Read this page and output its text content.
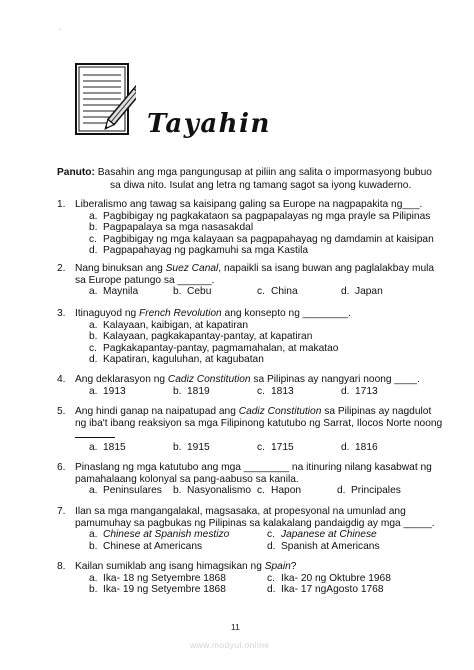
.
Tayahin
Panuto: Basahin ang mga pangungusap at piliin ang salita o impormasyong bubuo
sa diwa nito. Isulat ang letra ng tamang sagot sa iyong kuwaderno.
1. Liberalismo ang tawag sa kaisipang galing sa Europe na nagpapakita ng___.
a. Pagbibigay ng pagkakataon sa pagpapalayas ng mga prayle sa Pilipinas
b. Pagpapalaya sa mga nasasakdal
c. Pagbibigay ng mga kalayaan sa pagpapahayag ng damdamin at kaisipan
d. Pagpapahayag ng pagkamuhi sa mga Kastila
2. Nang binuksan ang Suez Canal, napaikli sa isang buwan ang paglalakbay mula
sa Europe patungo sa ______.
a. Maynila	b. Cebu	c. China	d. Japan
3. Itinaguyod ng French Revolution ang konsepto ng ________.
a. Kalayaan, kaibigan, at kapatiran
b. Kalayaan, pagkakapantay-pantay, at kapatiran
c. Pagkakapantay-pantay, pagmamahalan, at makatao
d. Kapatiran, kaguluhan, at kagubatan
4. Ang deklarasyon ng Cadiz Constitution sa Pilipinas ay nangyari noong ____.
a. 1913	b. 1819	c. 1813	d. 1713
5. Ang hindi ganap na naipatupad ang Cadiz Constitution sa Pilipinas ay nagdulot
ng iba't ibang reaksiyon sa mga Filipinong katutubo ng Sarrat, Ilocos Norte noong

a. 1815	b. 1915	c. 1715	d. 1816
6. Pinaslang ng mga katutubo ang mga ________ na itinuring nilang kasabwat ng
pamahalaang kolonyal sa pang-aabuso sa kanila.
a. Peninsulares b. Nasyonalismo c. Hapon	d. Principales
7. Ilan sa mga mangangalakal, magsasaka, at propesyonal na umunlad ang
pamumuhay sa pagbukas ng Pilipinas sa kalakalang pandaigdig ay mga _____.
a. Chinese at Spanish mestizo	c. Japanese at Chinese
b. Chinese at Americans	d. Spanish at Americans
8. Kailan sumiklab ang isang himagsikan ng Spain?
a. Ika- 18 ng Setyembre 1868	c. Ika- 20 ng Oktubre 1968
b. Ika- 19 ng Setyembre 1868	d. Ika- 17 ngAgosto 1768
11
www.modyul.online
